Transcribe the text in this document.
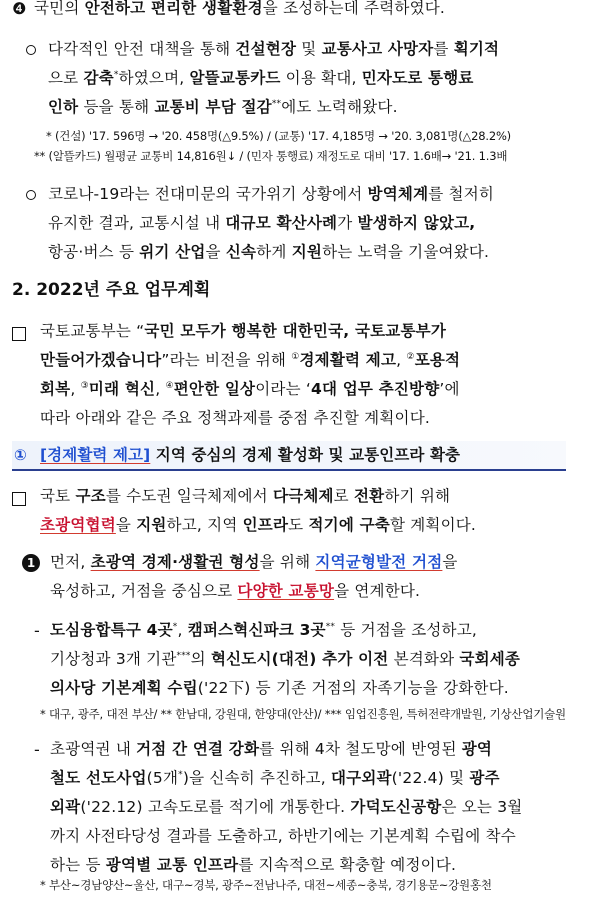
❹ 국민의 안전하고 편리한 생활환경을 조성하는데 주력하였다.
다각적인 안전 대책을 통해 건설현장 및 교통사고 사망자를 획기적
으로 감축*하였으며, 알뜰교통카드 이용 확대, 민자도로 통행료
인하 등을 통해 교통비 부담 절감**에도 노력해왔다.
* (건설) '17. 596명 → '20. 458명(△9.5%) / (교통) '17. 4,185명 → '20. 3,081명(△28.2%)
** (알뜰카드) 월평균 교통비 14,816원↓ / (민자 통행료) 재정도로 대비 '17. 1.6배→ '21. 1.3배
코로나-19라는 전대미문의 국가위기 상황에서 방역체계를 철저히
유지한 결과, 교통시설 내 대규모 확산사례가 발생하지 않았고,
항공·버스 등 위기 산업을 신속하게 지원하는 노력을 기울여왔다.
2. 2022년 주요 업무계획
국토교통부는 “국민 모두가 행복한 대한민국, 국토교통부가
만들어가겠습니다”라는 비전을 위해 ①경제활력 제고, ②포용적
회복, ③미래 혁신, ④편안한 일상이라는 ‘4대 업무 추진방향’에
따라 아래와 같은 주요 정책과제를 중점 추진할 계획이다.
① [경제활력 제고] 지역 중심의 경제 활성화 및 교통인프라 확충
국토 구조를 수도권 일극체제에서 다극체제로 전환하기 위해
초광역협력을 지원하고, 지역 인프라도 적기에 구축할 계획이다.
1 먼저, 초광역 경제·생활권 형성을 위해 지역균형발전 거점을
육성하고, 거점을 중심으로 다양한 교통망을 연계한다.
- 도심융합특구 4곳*, 캠퍼스혁신파크 3곳** 등 거점을 조성하고,
기상청과 3개 기관***의 혁신도시(대전) 추가 이전 본격화와 국회세종
의사당 기본계획 수립('22下) 등 기존 거점의 자족기능을 강화한다.
* 대구, 광주, 대전 부산/ ** 한남대, 강원대, 한양대(안산)/ *** 임업진흥원, 특허전략개발원, 기상산업기술원
- 초광역권 내 거점 간 연결 강화를 위해 4차 철도망에 반영된 광역
철도 선도사업(5개*)을 신속히 추진하고, 대구외곽('22.4) 및 광주
외곽('22.12) 고속도로를 적기에 개통한다. 가덕도신공항은 오는 3월
까지 사전타당성 결과를 도출하고, 하반기에는 기본계획 수립에 착수
하는 등 광역별 교통 인프라를 지속적으로 확충할 예정이다.
* 부산~경남양산~울산, 대구~경북, 광주~전남나주, 대전~세종~충북, 경기용문~강원홍천
